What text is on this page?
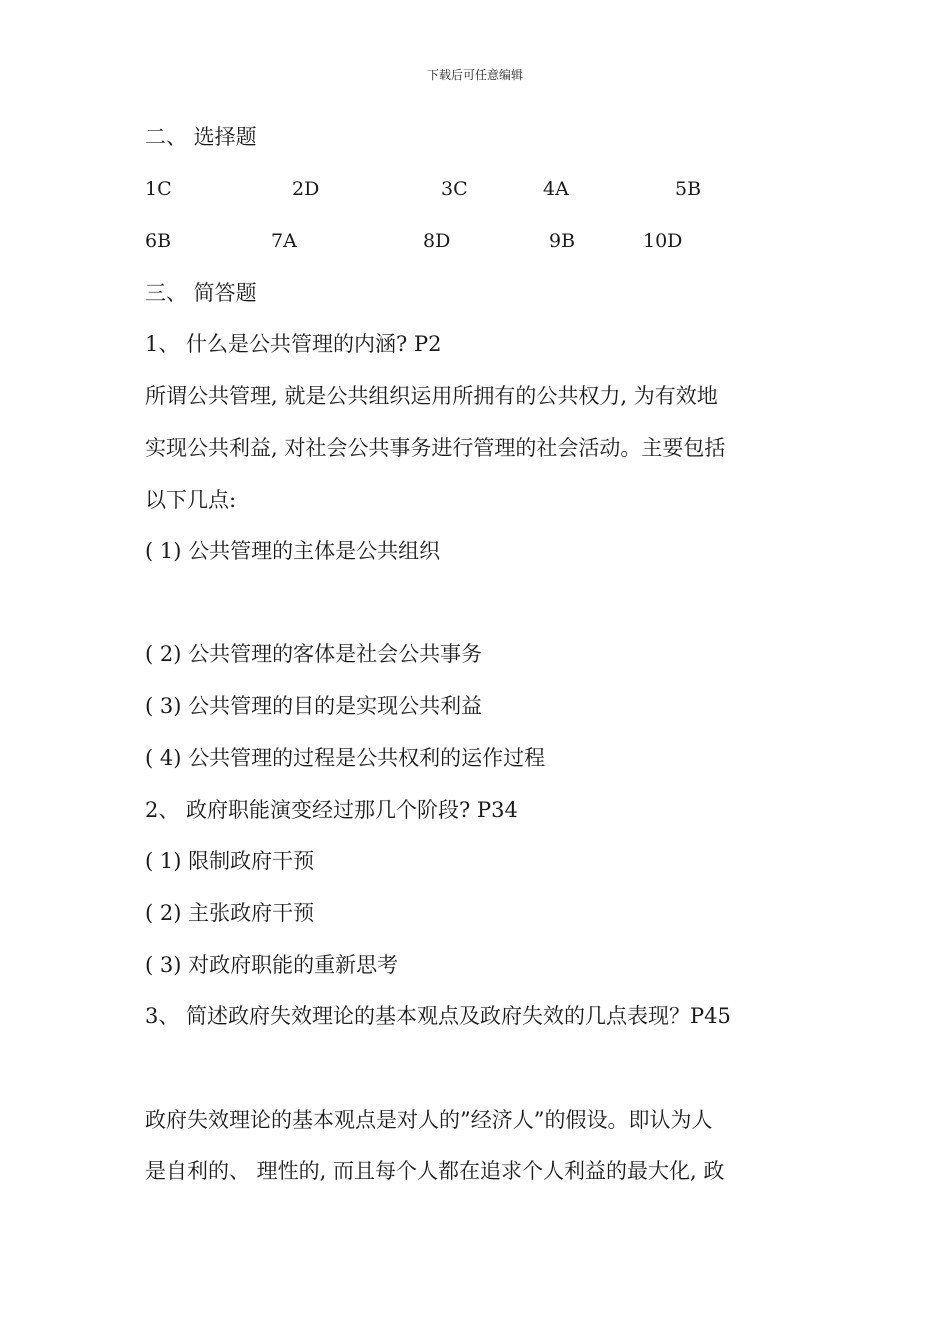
下载后可任意编辑
二、 选择题
1C	2D	3C	4A	5B
6B	7A	8D	9B	10D
三、 简答题
1、 什么是公共管理的内涵? P2
所谓公共管理, 就是公共组织运用所拥有的公共权力, 为有效地
实现公共利益, 对社会公共事务进行管理的社会活动。主要包括
以下几点:
( 1) 公共管理的主体是公共组织
( 2) 公共管理的客体是社会公共事务
( 3) 公共管理的目的是实现公共利益
( 4) 公共管理的过程是公共权利的运作过程
2、 政府职能演变经过那几个阶段? P34
( 1) 限制政府干预
( 2) 主张政府干预
( 3) 对政府职能的重新思考
3、 简述政府失效理论的基本观点及政府失效的几点表现？P45
政府失效理论的基本观点是对人的”经济人”的假设。即认为人
是自利的、 理性的, 而且每个人都在追求个人利益的最大化, 政
